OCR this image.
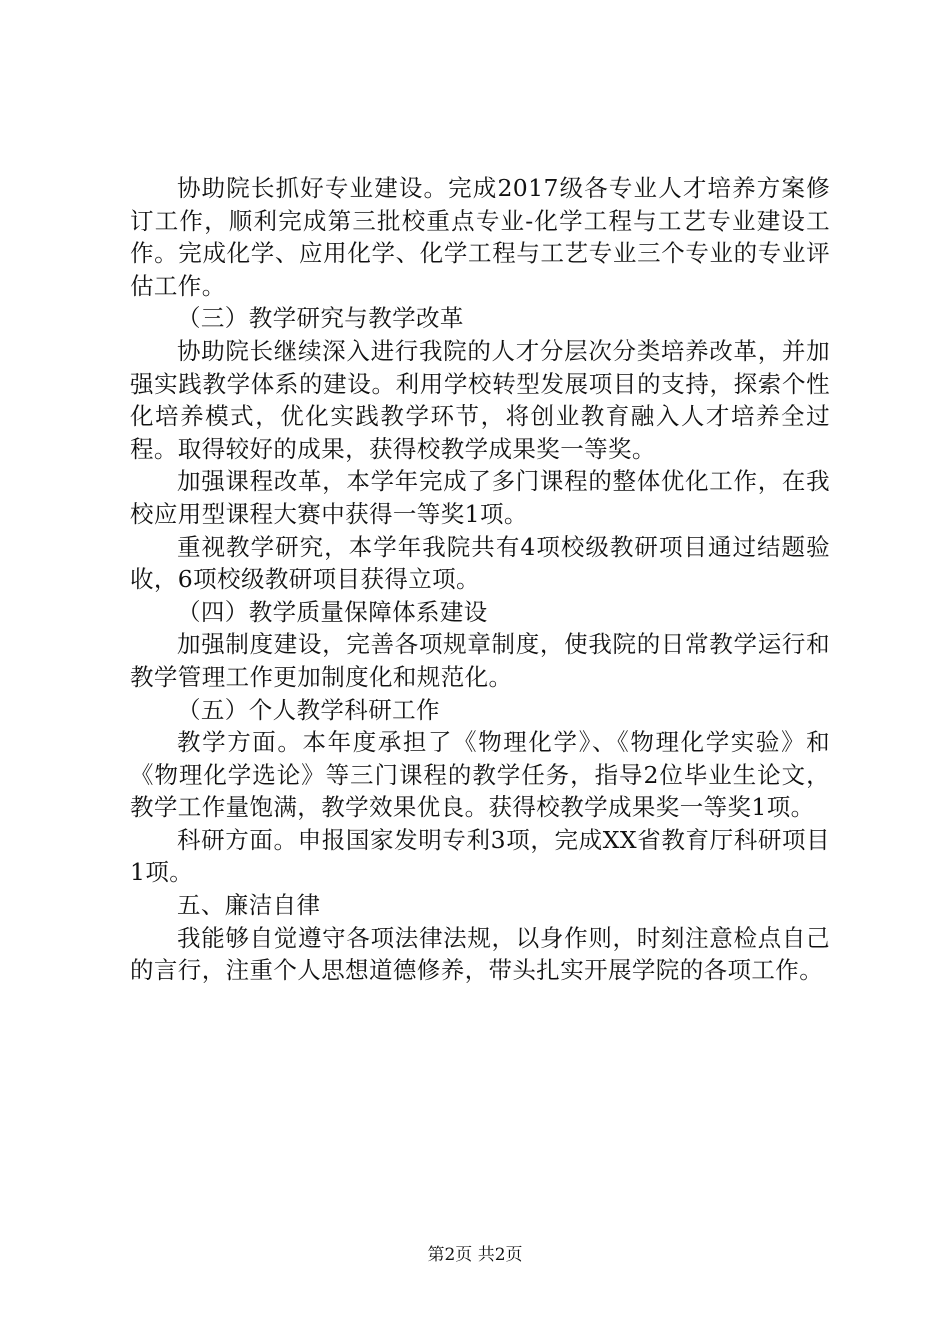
协助院长抓好专业建设。完成2017级各专业人才培养方案修订工作，顺利完成第三批校重点专业-化学工程与工艺专业建设工作。完成化学、应用化学、化学工程与工艺专业三个专业的专业评估工作。

（三）教学研究与教学改革

协助院长继续深入进行我院的人才分层次分类培养改革，并加强实践教学体系的建设。利用学校转型发展项目的支持，探索个性化培养模式，优化实践教学环节，将创业教育融入人才培养全过程。取得较好的成果，获得校教学成果奖一等奖。

加强课程改革，本学年完成了多门课程的整体优化工作，在我校应用型课程大赛中获得一等奖1项。

重视教学研究，本学年我院共有4项校级教研项目通过结题验收，6项校级教研项目获得立项。

（四）教学质量保障体系建设

加强制度建设，完善各项规章制度，使我院的日常教学运行和教学管理工作更加制度化和规范化。

（五）个人教学科研工作

教学方面。本年度承担了《物理化学》、《物理化学实验》和《物理化学选论》等三门课程的教学任务，指导2位毕业生论文，教学工作量饱满，教学效果优良。获得校教学成果奖一等奖1项。

科研方面。申报国家发明专利3项，完成XX省教育厅科研项目1项。

五、廉洁自律

我能够自觉遵守各项法律法规，以身作则，时刻注意检点自己的言行，注重个人思想道德修养，带头扎实开展学院的各项工作。

第2页 共2页
